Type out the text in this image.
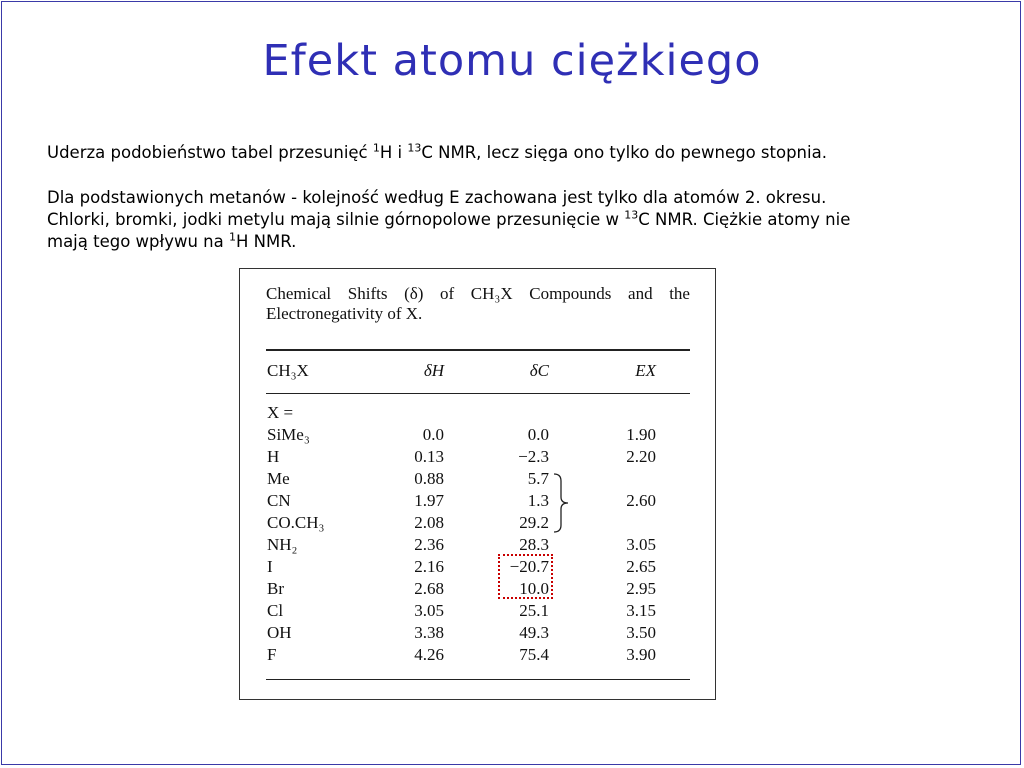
Efekt atomu ciężkiego
Uderza podobieństwo tabel przesunięć $^1$H i $^{13}$C NMR, lecz sięga ono tylko do pewnego stopnia.
Dla podstawionych metanów - kolejność według E zachowana jest tylko dla atomów 2. okresu.
Chlorki, bromki, jodki metylu mają silnie górnopolowe przesunięcie w $^{13}$C NMR. Ciężkie atomy nie
mają tego wpływu na $^1$H NMR.
Chemical Shifts (δ) of CH₃X Compounds and the
Electronegativity of X.
CH₃X	δH	δC	EX
X =
SiMe₃	0.0	0.0	1.90
H	0.13	−2.3	2.20
Me	0.88	5.7
CN	1.97	1.3	2.60
CO.CH₃	2.08	29.2
NH₂	2.36	28.3	3.05
I	2.16	−20.7	2.65
Br	2.68	10.0	2.95
Cl	3.05	25.1	3.15
OH	3.38	49.3	3.50
F	4.26	75.4	3.90
